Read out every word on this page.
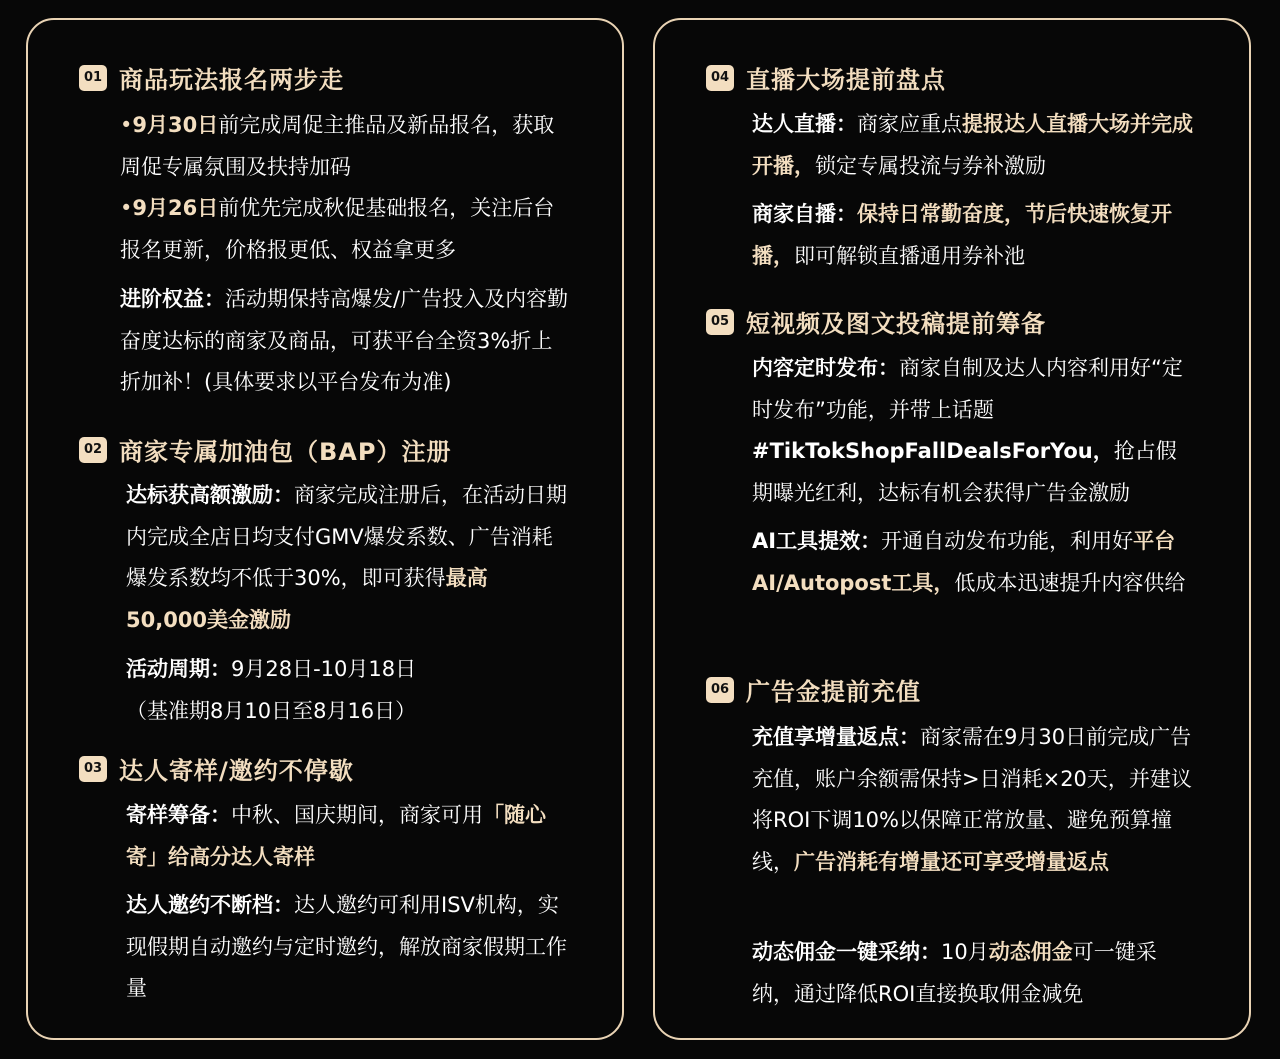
01 商品玩法报名两步走

•9月30日前完成周促主推品及新品报名，获取周促专属氛围及扶持加码

•9月26日前优先完成秋促基础报名，关注后台报名更新，价格报更低、权益拿更多

进阶权益：活动期保持高爆发/广告投入及内容勤奋度达标的商家及商品，可获平台全资3%折上折加补！(具体要求以平台发布为准)

02 商家专属加油包（BAP）注册

达标获高额激励：商家完成注册后，在活动日期内完成全店日均支付GMV爆发系数、广告消耗爆发系数均不低于30%，即可获得最高50,000美金激励

活动周期：9月28日-10月18日
（基准期8月10日至8月16日）

03 达人寄样/邀约不停歇

寄样筹备：中秋、国庆期间，商家可用「随心寄」给高分达人寄样

达人邀约不断档：达人邀约可利用ISV机构，实现假期自动邀约与定时邀约，解放商家假期工作量

04 直播大场提前盘点

达人直播：商家应重点提报达人直播大场并完成开播，锁定专属投流与券补激励

商家自播：保持日常勤奋度，节后快速恢复开播，即可解锁直播通用券补池

05 短视频及图文投稿提前筹备

内容定时发布：商家自制及达人内容利用好“定时发布”功能，并带上话题#TikTokShopFallDealsForYou，抢占假期曝光红利，达标有机会获得广告金激励

AI工具提效：开通自动发布功能，利用好平台AI/Autopost工具，低成本迅速提升内容供给

06 广告金提前充值

充值享增量返点：商家需在9月30日前完成广告充值，账户余额需保持>日消耗×20天，并建议将ROI下调10%以保障正常放量、避免预算撞线，广告消耗有增量还可享受增量返点

动态佣金一键采纳：10月动态佣金可一键采纳，通过降低ROI直接换取佣金减免
